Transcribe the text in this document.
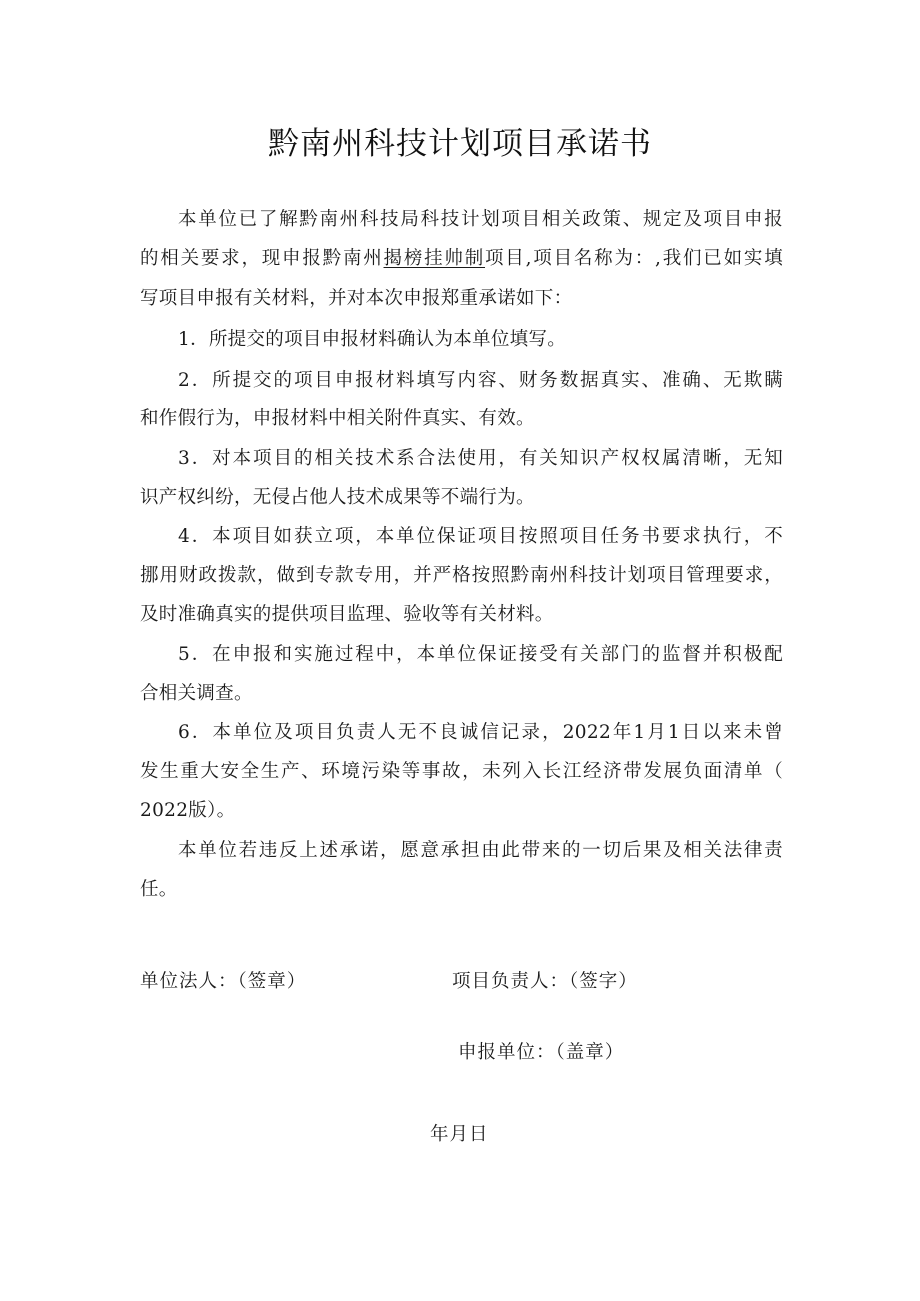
黔南州科技计划项目承诺书
本单位已了解黔南州科技局科技计划项目相关政策、规定及项目申报
的相关要求，现申报黔南州揭榜挂帅制项目,项目名称为：,我们已如实填
写项目申报有关材料，并对本次申报郑重承诺如下：
1．所提交的项目申报材料确认为本单位填写。
2．所提交的项目申报材料填写内容、财务数据真实、准确、无欺瞒
和作假行为，申报材料中相关附件真实、有效。
3．对本项目的相关技术系合法使用，有关知识产权权属清晰，无知
识产权纠纷，无侵占他人技术成果等不端行为。
4．本项目如获立项，本单位保证项目按照项目任务书要求执行，不
挪用财政拨款，做到专款专用，并严格按照黔南州科技计划项目管理要求，
及时准确真实的提供项目监理、验收等有关材料。
5．在申报和实施过程中，本单位保证接受有关部门的监督并积极配
合相关调查。
6．本单位及项目负责人无不良诚信记录，2022年1月1日以来未曾
发生重大安全生产、环境污染等事故，未列入长江经济带发展负面清单（
2022版）。
本单位若违反上述承诺，愿意承担由此带来的一切后果及相关法律责
任。
单位法人：（签章）	项目负责人：（签字）
申报单位：（盖章）
年月日
